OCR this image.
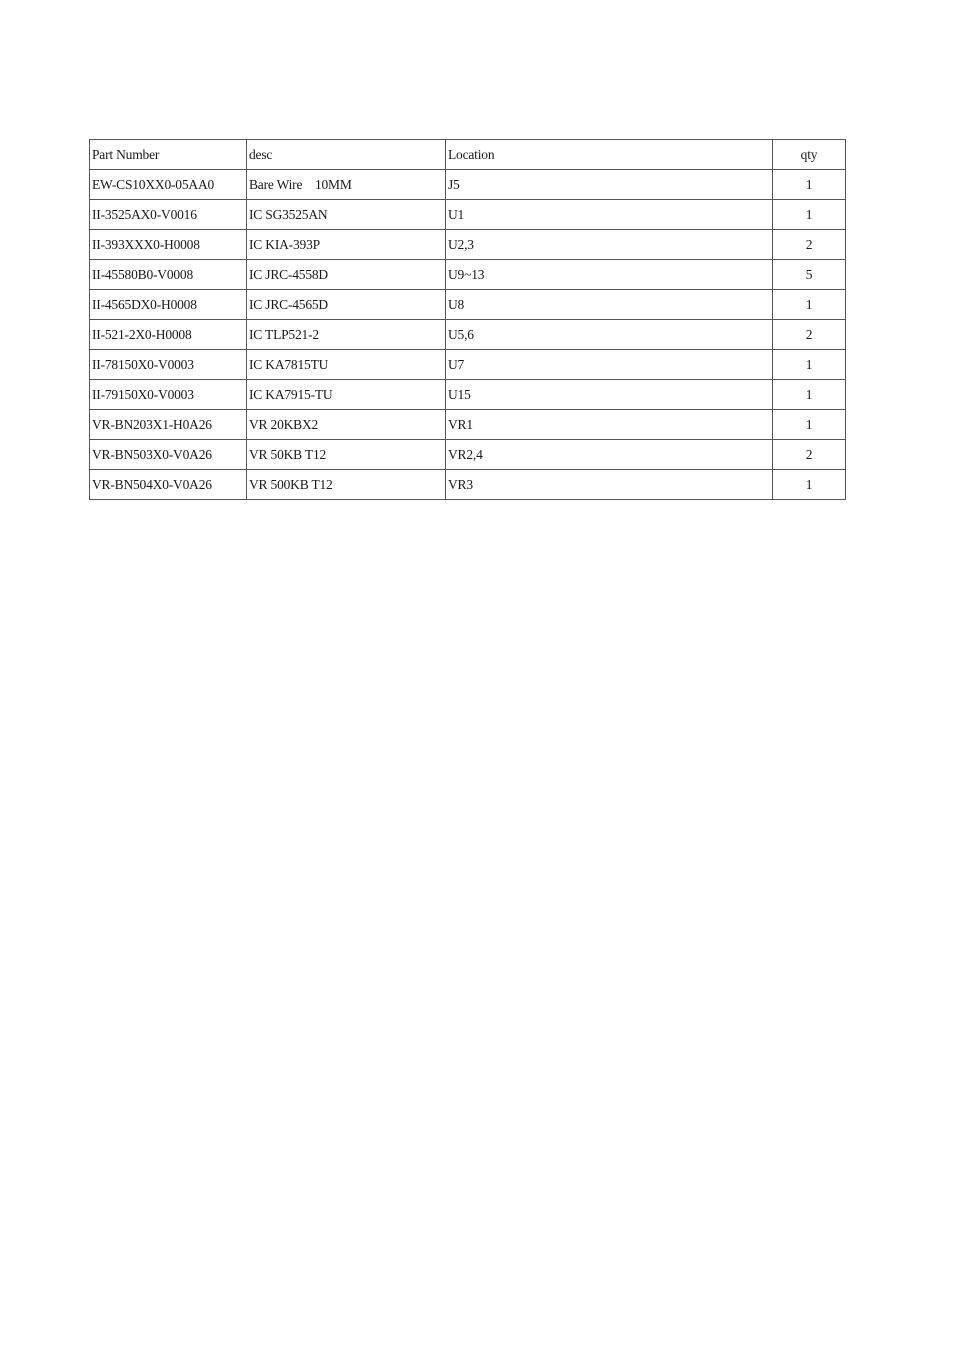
Part Number	desc	Location	qty
EW-CS10XX0-05AA0	Bare Wire    10MM	J5	1
II-3525AX0-V0016	IC SG3525AN	U1	1
II-393XXX0-H0008	IC KIA-393P	U2,3	2
II-45580B0-V0008	IC JRC-4558D	U9~13	5
II-4565DX0-H0008	IC JRC-4565D	U8	1
II-521-2X0-H0008	IC TLP521-2	U5,6	2
II-78150X0-V0003	IC KA7815TU	U7	1
II-79150X0-V0003	IC KA7915-TU	U15	1
VR-BN203X1-H0A26	VR 20KBX2	VR1	1
VR-BN503X0-V0A26	VR 50KB T12	VR2,4	2
VR-BN504X0-V0A26	VR 500KB T12	VR3	1
